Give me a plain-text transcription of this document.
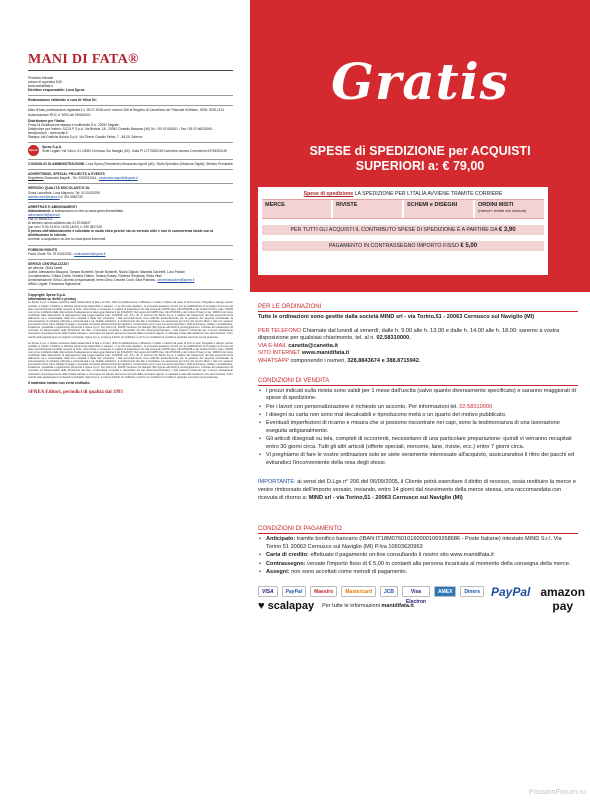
MANI DI FATA®
Periodico Mensile
prezzo di copertina 6,50
www.manidifata.it
Direttore responsabile: Luca Sprea
Realizzazione editoriale a cura di: Mind Srl
Mani di fata, pubblicazione registrata il n. 28.07.1948 con il numero 306 al Registro di Cancelleria del Tribunale di Milano. ISSN: 0025-2131 Autorizzazione ROC n° 6292 del 29/08/2001
Distributore per l'Italia:
Press-Di Distribuzione stampa e multimedia S.r.l. 20090 Segrate
Distributore per l'estero: SO.DI.P S.p.A. Via Bettola, 18 - 20092 Cinisello Balsamo (MI) Tel. +39 02 660301 - Fax +39 02 66030269 - sies@sodip.it - www.sodip.it
Stampa: Arti Grafiche Boccia S.p.A. Via Tiberio Claudio Felice, 7 - 84131 Salerno
Sprea
Sprea S.p.A.
Sede Legale: Via Torino, 51 20063 Cernusco Sul Naviglio (MI) - Italia PI 12770820152 Iscrizione camera Commercio 00746350149
CONSIGLIO DI AMMINISTRAZIONE: Luca Sprea (Presidente) Alessandro Agnoli (AD), Giulia Spreafico (Divisione Digital), Stefano Pernarella
ADVERTISING, SPECIAL PROJECTS & EVENTS
Segreteria: Emanuela Mapelli - Tel. 0292432244 - emanuela.mapelli@sprea.it
SERVIZIO QUALITÀ EDICOLANTI E DL
Sonia Lancellotti, Luca Majocchi, Tel. 02 92432295
distribuzione@sprea.it ✆ 351 5582739
ARRETRATI E ABBONAMENTI
Abbonamenti: si sottoscrivono on-line su www.sprea.it/manidifata
abbonamenti@sprea.it
Fax 02 56561221
Al telefono senza addebito allo 02 87168197
(lun-ven / 9:00-13:00 e 14:00-18:00) ✆ 339 3827420
Il prezzo dell'abbonamento è calcolato in modo etico perché sia un servizio utile e non in concorrenza sleale con la distribuzione in edicola.
Arretrati: si acquistano on-line su www.sprea.it/arretrati
FOREIGN RIGHTS
Paolo Cionti: Tel. 02 92432253 - realizzazioni@sprea.it
SERVIZI CENTRALIZZATI
Art director: Silvia Taietti
Grafici: Alessandro Bisquola, Tamara Bombelli, Nicole Bombelli, Nicolò Digiuni, Marcella Gavinelli, Luca Patrian
Coordinamento: Chiara Civilla, Cristina Citterio, Tiziana Rosato, Roberta Tempesta, Silvia Vitali
Amministrazione: Erika Colombo (responsabile) Irene Citino, Desirée Conti, Sara Palestra - amministrazione@sprea.it
Ufficio Legale: Francesca Sigismondi
Copyright: Sprea S.p.A.
Informativa su diritti e privacy
La Sprea S.p.A. è titolare esclusiva della testata Mani di fata e di tutti i diritti di pubblicazione e diffusione in Italia. L'utilizzo da parte di terzi di testi, fotografie e disegni, anche parziale, è vietato. L'Editore si dichiara pienamente disponibile a valutare - e se del caso regolare - le eventuali spettanze di terzi per la pubblicazione di immagini di cui non sia stato eventualmente possibile reperire la fonte. Informativa e Consenso in materia di trattamento dei dati personali (GDPR Reg. UE 679/2016 e del Codice Privacy d.lgs. 196/03 così come modificato dalle disposizioni di adeguamento alla Legge Italiana d.lgs 101/2018). Nel vigore del GDPR Reg. UE 679/2016 e del Codice Privacy d.lgs. 196/03 così come modificato dalle disposizioni di adeguamento alla Legge Italiana d.lgs 101/2018, artt. 24 e 25, si informa che Sprea S.p.A. è titolare del trattamento dei dati personali forniti dall'utente ed è responsabile della loro custodia e della loro sicurezza. I dati personali forniti sono utilizzati esclusivamente per la gestione del rapporto contrattuale, la comunicazione di iniziative editoriali e promozionali e per finalità statistiche. Il conferimento dei dati è facoltativo ma necessario per fruire dei servizi offerti. I dati non saranno comunicati a terzi salvo obblighi di legge o necessità connesse all'esecuzione del rapporto. L'interessato può in ogni momento esercitare i diritti di accesso, rettifica, cancellazione, limitazione, portabilità e opposizione scrivendo a Sprea S.p.A. Via Torino 51, 20063 Cernusco sul Naviglio (MI) oppure all'indirizzo privacy@sprea.it. Il titolare del trattamento ha nominato un Responsabile della Protezione dei Dati. L'informativa completa è disponibile sul sito www.sprea.it/privacy. I dati saranno conservati per il tempo strettamente necessario al perseguimento delle finalità indicate e comunque nel rispetto dei termini previsti dalla normativa vigente. Il materiale inviato alla redazione non sarà restituito. Tutti i marchi citati appartengono ai rispettivi proprietari. Sprea S.p.A. si riserva il diritto di modificare i prezzi e le condizioni di vendita in qualsiasi momento senza preavviso.
La Sprea S.p.A. è titolare esclusiva della testata Mani di fata e di tutti i diritti di pubblicazione e diffusione in Italia. L'utilizzo da parte di terzi di testi, fotografie e disegni, anche parziale, è vietato. L'Editore si dichiara pienamente disponibile a valutare - e se del caso regolare - le eventuali spettanze di terzi per la pubblicazione di immagini di cui non sia stato eventualmente possibile reperire la fonte. Informativa e Consenso in materia di trattamento dei dati personali (GDPR Reg. UE 679/2016 e del Codice Privacy d.lgs. 196/03 così come modificato dalle disposizioni di adeguamento alla Legge Italiana d.lgs 101/2018). Nel vigore del GDPR Reg. UE 679/2016 e del Codice Privacy d.lgs. 196/03 così come modificato dalle disposizioni di adeguamento alla Legge Italiana d.lgs 101/2018, artt. 24 e 25, si informa che Sprea S.p.A. è titolare del trattamento dei dati personali forniti dall'utente ed è responsabile della loro custodia e della loro sicurezza. I dati personali forniti sono utilizzati esclusivamente per la gestione del rapporto contrattuale, la comunicazione di iniziative editoriali e promozionali e per finalità statistiche. Il conferimento dei dati è facoltativo ma necessario per fruire dei servizi offerti. I dati non saranno comunicati a terzi salvo obblighi di legge o necessità connesse all'esecuzione del rapporto. L'interessato può in ogni momento esercitare i diritti di accesso, rettifica, cancellazione, limitazione, portabilità e opposizione scrivendo a Sprea S.p.A. Via Torino 51, 20063 Cernusco sul Naviglio (MI) oppure all'indirizzo privacy@sprea.it. Il titolare del trattamento ha nominato un Responsabile della Protezione dei Dati. L'informativa completa è disponibile sul sito www.sprea.it/privacy. I dati saranno conservati per il tempo strettamente necessario al perseguimento delle finalità indicate e comunque nel rispetto dei termini previsti dalla normativa vigente. Il materiale inviato alla redazione non sarà restituito. Tutti i marchi citati appartengono ai rispettivi proprietari. Sprea S.p.A. si riserva il diritto di modificare i prezzi e le condizioni di vendita in qualsiasi momento senza preavviso.
Il materiale inviato non verrà restituito.
SPREA Editori, periodici di qualità dal 1993
Gratis
SPESE di SPEDIZIONE per ACQUISTI
SUPERIORI a: € 79,00
Spese di spedizione LA SPEDIZIONE PER L'ITALIA AVVIENE TRAMITE CORRIERE
MERCE	RIVISTE	SCHEMI e DISEGNI	ORDINI MISTI
(merce+ riviste e/o schemi)
PER TUTTI GLI ACQUISTI IL CONTRIBUTO SPESE DI SPEDIZIONE È A PARTIRE DA € 3,90
PAGAMENTO IN CONTRASSEGNO IMPORTO FISSO € 5,00
PER LE ORDINAZIONI
Tutte le ordinazioni sono gestite dalla società MIND srl - via Torino,51 - 20063 Cernusco sul Naviglio (MI)
PER TELEFONO Chiamate dal lunedì al venerdì, dalle h. 9.00 alle h. 13.00 e dalle h. 14.00 alle h. 18.00: saremo a vostra disposizione per qualsiasi chiarimento. tel. al n. 02.58310000.
VIA E-MAIL canetta@canetta.it
SITO INTERNET www.manidifata.it
WHATSAPP componendo i numeri, 328.8843674 e 388.8715942.
CONDIZIONI DI VENDITA
• I prezzi indicati sulla rivista sono validi per 1 mese dall'uscita (salvo quanto diversamente specificato) e saranno maggiorati di spese di spedizione.
• Per i lavori con personalizzazione è richiesto un acconto. Per informazioni tel. 02.58310000
• I disegni su carta non sono mai decalcabili e riproducono metà o un quarto del motivo pubblicato.
• Eventuali imperfezioni di ricamo e misura che si possono riscontrare nei capi, sono la testimonianza di una lavorazione eseguita artigianalmente.
• Gli articoli disegnati su tela, completi di occorrenti, necessitano di una particolare preparazione: quindi vi verranno recapitati entro 30 giorni circa. Tutti gli altri articoli (offerte speciali, mercerie, lane, riviste, ecc.) entro 7 giorni circa.
• Vi preghiamo di fare le vostre ordinazioni solo se siete veramente interessate all'acquisto, assicurandosi il ritiro dei pacchi ed evitandoci l'inconveniente della resa degli stessi.
IMPORTANTE: ai sensi del D.Lgs n° 206 del 06/09/2005, il Cliente potrà esercitare il diritto di recesso, ossia restituire la merce e venire rimborsato dell'importo versato, inviando, entro 14 giorni dal ricevimento della merce stessa, una raccomandata con ricevuta di ritorno a: MIND srl - via Torino,51 - 20063 Cernusco sul Naviglio (MI)
CONDIZIONI DI PAGAMENTO
• Anticipato: tramite bonifico bancario (IBAN:IT18M0760101600001069268686 - Poste Italiane) intestato MIND S.r.l. Via Torino 51 20063 Cernusco sul Naviglio (MI) P.Iva 10603620963
• Carta di credito: effettuate il pagamento on-line consultando il nostro sito www.manidifata.it
• Contrassegno: versate l'importo fisso di € 5,00 in contanti alla persona incaricata al momento della consegna della merce.
• Assegni: non sono accettati come metodi di pagamento.
VISA	PayPal	Maestro	Mastercard	JCB	Visa Electron
AMEX	Diners PayPal amazon pay
♥ scalapay Per tutte le informazioni manidifata.it
PassionForum.ru
